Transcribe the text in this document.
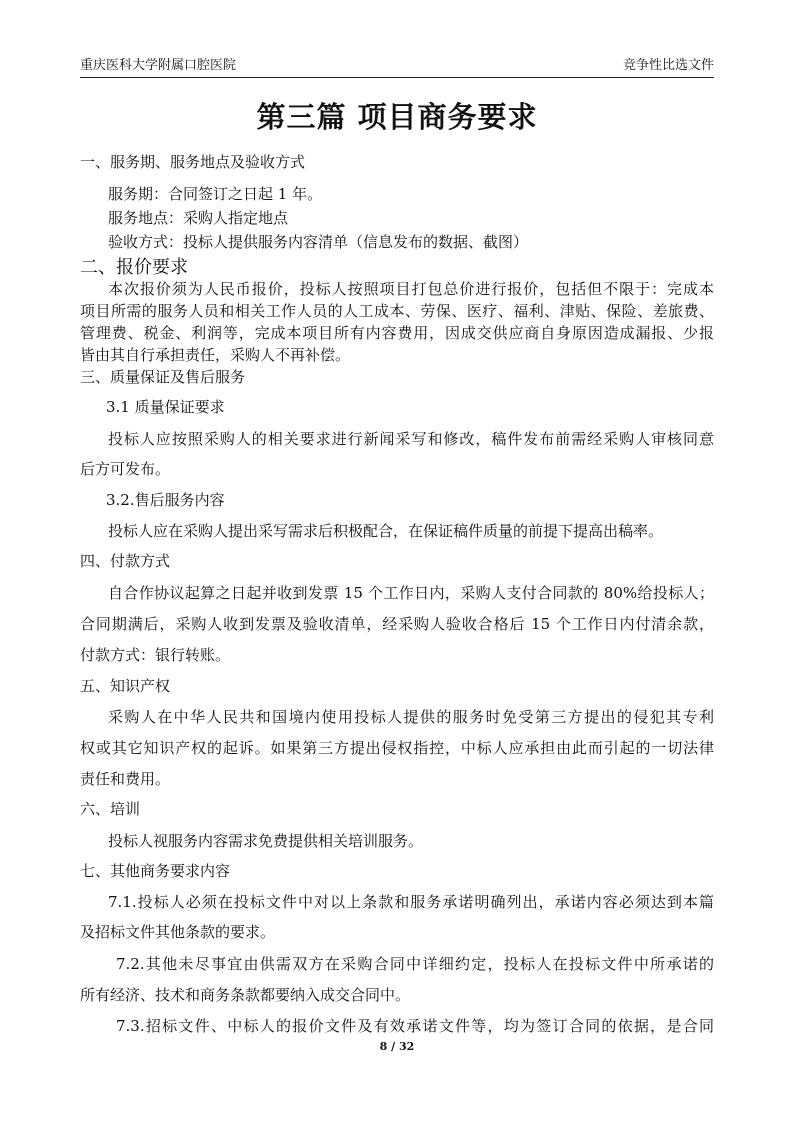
重庆医科大学附属口腔医院	竞争性比选文件
第三篇 项目商务要求
一、服务期、服务地点及验收方式
服务期：合同签订之日起 1 年。
服务地点：采购人指定地点
验收方式：投标人提供服务内容清单（信息发布的数据、截图）
二、报价要求
本次报价须为人民币报价，投标人按照项目打包总价进行报价，包括但不限于：完成本
项目所需的服务人员和相关工作人员的人工成本、劳保、医疗、福利、津贴、保险、差旅费、
管理费、税金、利润等，完成本项目所有内容费用，因成交供应商自身原因造成漏报、少报
皆由其自行承担责任，采购人不再补偿。
三、质量保证及售后服务
3.1 质量保证要求
投标人应按照采购人的相关要求进行新闻采写和修改，稿件发布前需经采购人审核同意
后方可发布。
3.2.售后服务内容
投标人应在采购人提出采写需求后积极配合，在保证稿件质量的前提下提高出稿率。
四、付款方式
自合作协议起算之日起并收到发票 15 个工作日内，采购人支付合同款的 80%给投标人；
合同期满后，采购人收到发票及验收清单，经采购人验收合格后 15 个工作日内付清余款，
付款方式：银行转账。
五、知识产权
采购人在中华人民共和国境内使用投标人提供的服务时免受第三方提出的侵犯其专利
权或其它知识产权的起诉。如果第三方提出侵权指控，中标人应承担由此而引起的一切法律
责任和费用。
六、培训
投标人视服务内容需求免费提供相关培训服务。
七、其他商务要求内容
7.1.投标人必须在投标文件中对以上条款和服务承诺明确列出，承诺内容必须达到本篇
及招标文件其他条款的要求。
7.2.其他未尽事宜由供需双方在采购合同中详细约定，投标人在投标文件中所承诺的
所有经济、技术和商务条款都要纳入成交合同中。
7.3.招标文件、中标人的报价文件及有效承诺文件等，均为签订合同的依据，是合同
8 / 32
